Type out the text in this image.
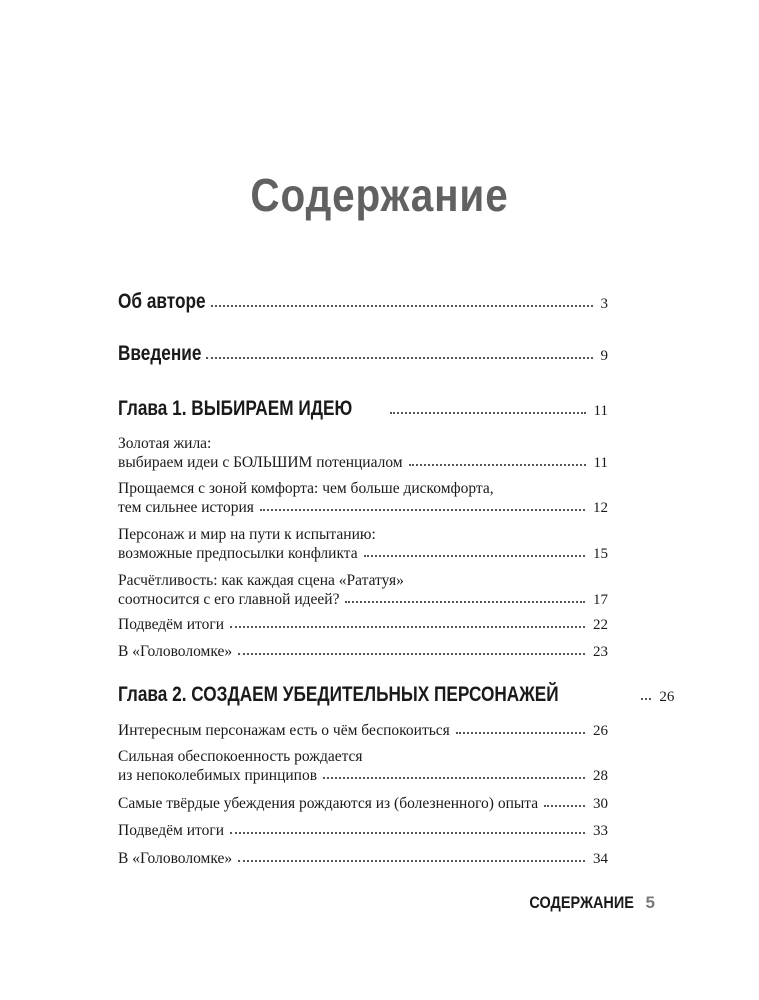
Содержание
Об авторе	3
Введение	9
Глава 1. ВЫБИРАЕМ ИДЕЮ	11
Золотая жила:
выбираем идеи с БОЛЬШИМ потенциалом	11
Прощаемся с зоной комфорта: чем больше дискомфорта,
тем сильнее история	12
Персонаж и мир на пути к испытанию:
возможные предпосылки конфликта	15
Расчётливость: как каждая сцена «Рататуя»
соотносится с его главной идеей?	17
Подведём итоги	22
В «Головоломке»	23
Глава 2. СОЗДАЕМ УБЕДИТЕЛЬНЫХ ПЕРСОНАЖЕЙ	26
Интересным персонажам есть о чём беспокоиться	26
Сильная обеспокоенность рождается
из непоколебимых принципов	28
Самые твёрдые убеждения рождаются из (болезненного) опыта	30
Подведём итоги	33
В «Головоломке»	34
СОДЕРЖАНИЕ 5
